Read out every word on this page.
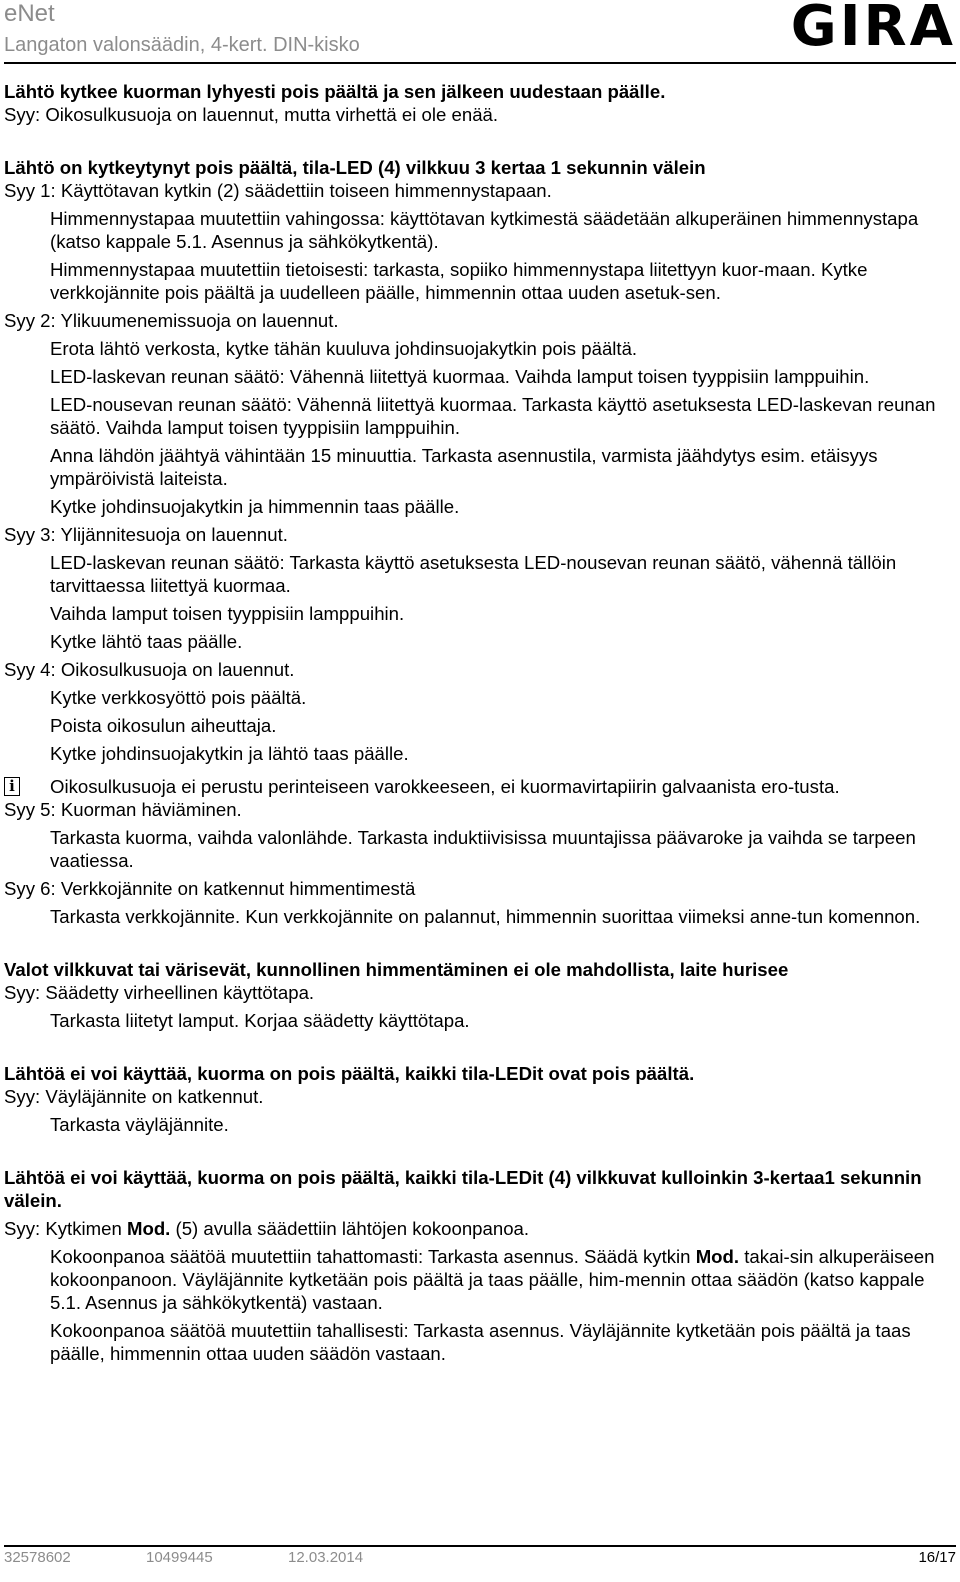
eNet
Langaton valonsäädin, 4-kert. DIN-kisko	GIRA

Lähtö kytkee kuorman lyhyesti pois päältä ja sen jälkeen uudestaan päälle.

Syy: Oikosulkusuoja on lauennut, mutta virhettä ei ole enää.

Lähtö on kytkeytynyt pois päältä, tila-LED (4) vilkkuu 3 kertaa 1 sekunnin välein

Syy 1: Käyttötavan kytkin (2) säädettiin toiseen himmennystapaan.

Himmennystapaa muutettiin vahingossa: käyttötavan kytkimestä säädetään alkuperäinen himmennystapa (katso kappale 5.1. Asennus ja sähkökytkentä).

Himmennystapaa muutettiin tietoisesti: tarkasta, sopiiko himmennystapa liitettyyn kuor-maan. Kytke verkkojännite pois päältä ja uudelleen päälle, himmennin ottaa uuden asetuk-sen.

Syy 2: Ylikuumenemissuoja on lauennut.

Erota lähtö verkosta, kytke tähän kuuluva johdinsuojakytkin pois päältä.

LED-laskevan reunan säätö: Vähennä liitettyä kuormaa. Vaihda lamput toisen tyyppisiin lamppuihin.

LED-nousevan reunan säätö: Vähennä liitettyä kuormaa. Tarkasta käyttö asetuksesta LED-laskevan reunan säätö. Vaihda lamput toisen tyyppisiin lamppuihin.

Anna lähdön jäähtyä vähintään 15 minuuttia. Tarkasta asennustila, varmista jäähdytys esim. etäisyys ympäröivistä laiteista.

Kytke johdinsuojakytkin ja himmennin taas päälle.

Syy 3: Ylijännitesuoja on lauennut.

LED-laskevan reunan säätö: Tarkasta käyttö asetuksesta LED-nousevan reunan säätö, vähennä tällöin tarvittaessa liitettyä kuormaa.

Vaihda lamput toisen tyyppisiin lamppuihin.

Kytke lähtö taas päälle.

Syy 4: Oikosulkusuoja on lauennut.

Kytke verkkosyöttö pois päältä.

Poista oikosulun aiheuttaja.

Kytke johdinsuojakytkin ja lähtö taas päälle.

i Oikosulkusuoja ei perustu perinteiseen varokkeeseen, ei kuormavirtapiirin galvaanista ero-tusta.

Syy 5: Kuorman häviäminen.

Tarkasta kuorma, vaihda valonlähde. Tarkasta induktiivisissa muuntajissa päävaroke ja vaihda se tarpeen vaatiessa.

Syy 6: Verkkojännite on katkennut himmentimestä

Tarkasta verkkojännite. Kun verkkojännite on palannut, himmennin suorittaa viimeksi anne-tun komennon.

Valot vilkkuvat tai värisevät, kunnollinen himmentäminen ei ole mahdollista, laite hurisee

Syy: Säädetty virheellinen käyttötapa.

Tarkasta liitetyt lamput. Korjaa säädetty käyttötapa.

Lähtöä ei voi käyttää, kuorma on pois päältä, kaikki tila-LEDit ovat pois päältä.

Syy: Väyläjännite on katkennut.

Tarkasta väyläjännite.

Lähtöä ei voi käyttää, kuorma on pois päältä, kaikki tila-LEDit (4) vilkkuvat kulloinkin 3-kertaa1 sekunnin välein.

Syy: Kytkimen Mod. (5) avulla säädettiin lähtöjen kokoonpanoa.

Kokoonpanoa säätöä muutettiin tahattomasti: Tarkasta asennus. Säädä kytkin Mod. takai-sin alkuperäiseen kokoonpanoon. Väyläjännite kytketään pois päältä ja taas päälle, him-mennin ottaa säädön (katso kappale 5.1. Asennus ja sähkökytkentä) vastaan.

Kokoonpanoa säätöä muutettiin tahallisesti: Tarkasta asennus. Väyläjännite kytketään pois päältä ja taas päälle, himmennin ottaa uuden säädön vastaan.

32578602	10499445	12.03.2014	16/17
